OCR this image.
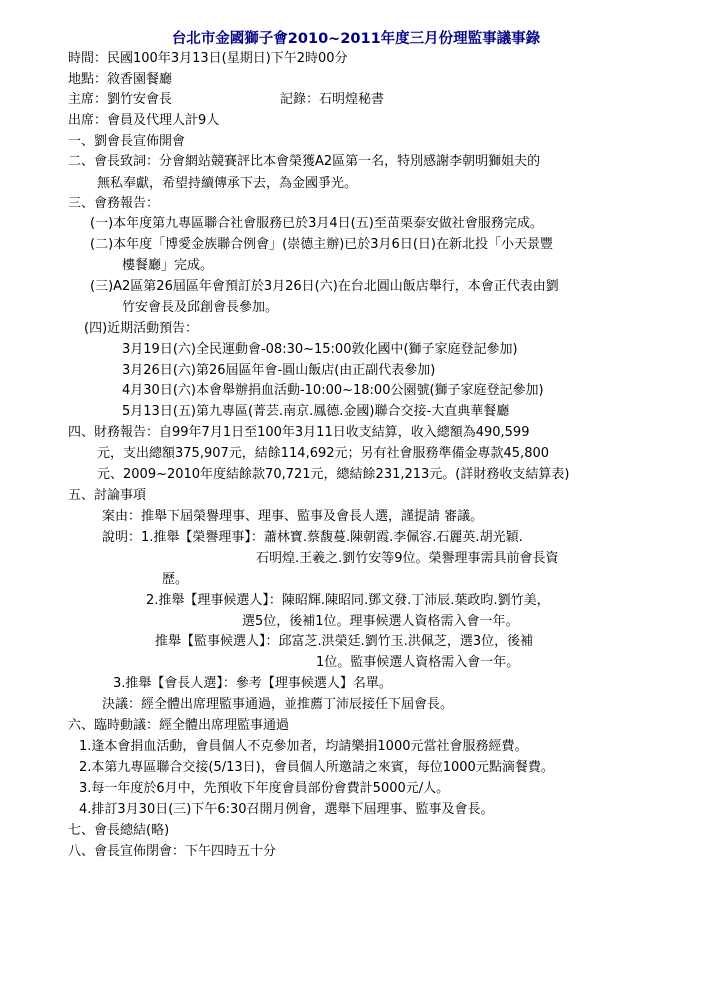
台北市金國獅子會2010~2011年度三月份理監事議事錄
時間：民國100年3月13日(星期日)下午2時00分
地點：敘香園餐廳
主席：劉竹安會長	記錄：石明煌秘書
出席：會員及代理人計9人
一、劉會長宣佈開會
二、會長致詞：分會網站競賽評比本會榮獲A2區第一名，特別感謝李朝明獅姐夫的
無私奉獻，希望持續傳承下去，為金國爭光。
三、會務報告：
(一)本年度第九專區聯合社會服務已於3月4日(五)至苗栗泰安做社會服務完成。
(二)本年度「博愛金族聯合例會」(崇德主辦)已於3月6日(日)在新北投「小天景豐
樓餐廳」完成。
(三)A2區第26屆區年會預訂於3月26日(六)在台北圓山飯店舉行，本會正代表由劉
竹安會長及邱創會長參加。
(四)近期活動預告：
3月19日(六)全民運動會-08:30~15:00敦化國中(獅子家庭登記參加)
3月26日(六)第26屆區年會-圓山飯店(由正副代表參加)
4月30日(六)本會舉辦捐血活動-10:00~18:00公園號(獅子家庭登記參加)
5月13日(五)第九專區(菁芸.南京.鳳德.金國)聯合交接-大直典華餐廳
四、財務報告：自99年7月1日至100年3月11日收支結算，收入總額為490,599
元，支出總額375,907元，結餘114,692元；另有社會服務準備金專款45,800
元、2009~2010年度結餘款70,721元，總結餘231,213元。(詳財務收支結算表)
五、討論事項
案由：推舉下屆榮譽理事、理事、監事及會長人選，謹提請 審議。
說明：1.推舉【榮譽理事】：蕭林寶.蔡馥蔓.陳朝霞.李佩容.石麗英.胡光穎.
石明煌.王羲之.劉竹安等9位。榮譽理事需具前會長資
歷。
2.推舉【理事候選人】：陳昭輝.陳昭同.鄧文發.丁沛辰.葉政昀.劉竹美，
選5位，後補1位。理事候選人資格需入會一年。
推舉【監事候選人】：邱富芝.洪榮廷.劉竹玉.洪佩芝，選3位，後補
1位。監事候選人資格需入會一年。
3.推舉【會長人選】：參考【理事候選人】名單。
決議：經全體出席理監事通過，並推薦丁沛辰接任下屆會長。
六、臨時動議：經全體出席理監事通過
1.逢本會捐血活動，會員個人不克參加者，均請樂捐1000元當社會服務經費。
2.本第九專區聯合交接(5/13日)，會員個人所邀請之來賓，每位1000元點滴餐費。
3.每一年度於6月中，先預收下年度會員部份會費計5000元/人。
4.排訂3月30日(三)下午6:30召開月例會，選舉下屆理事、監事及會長。
七、會長總結(略)
八、會長宣佈閉會：下午四時五十分
